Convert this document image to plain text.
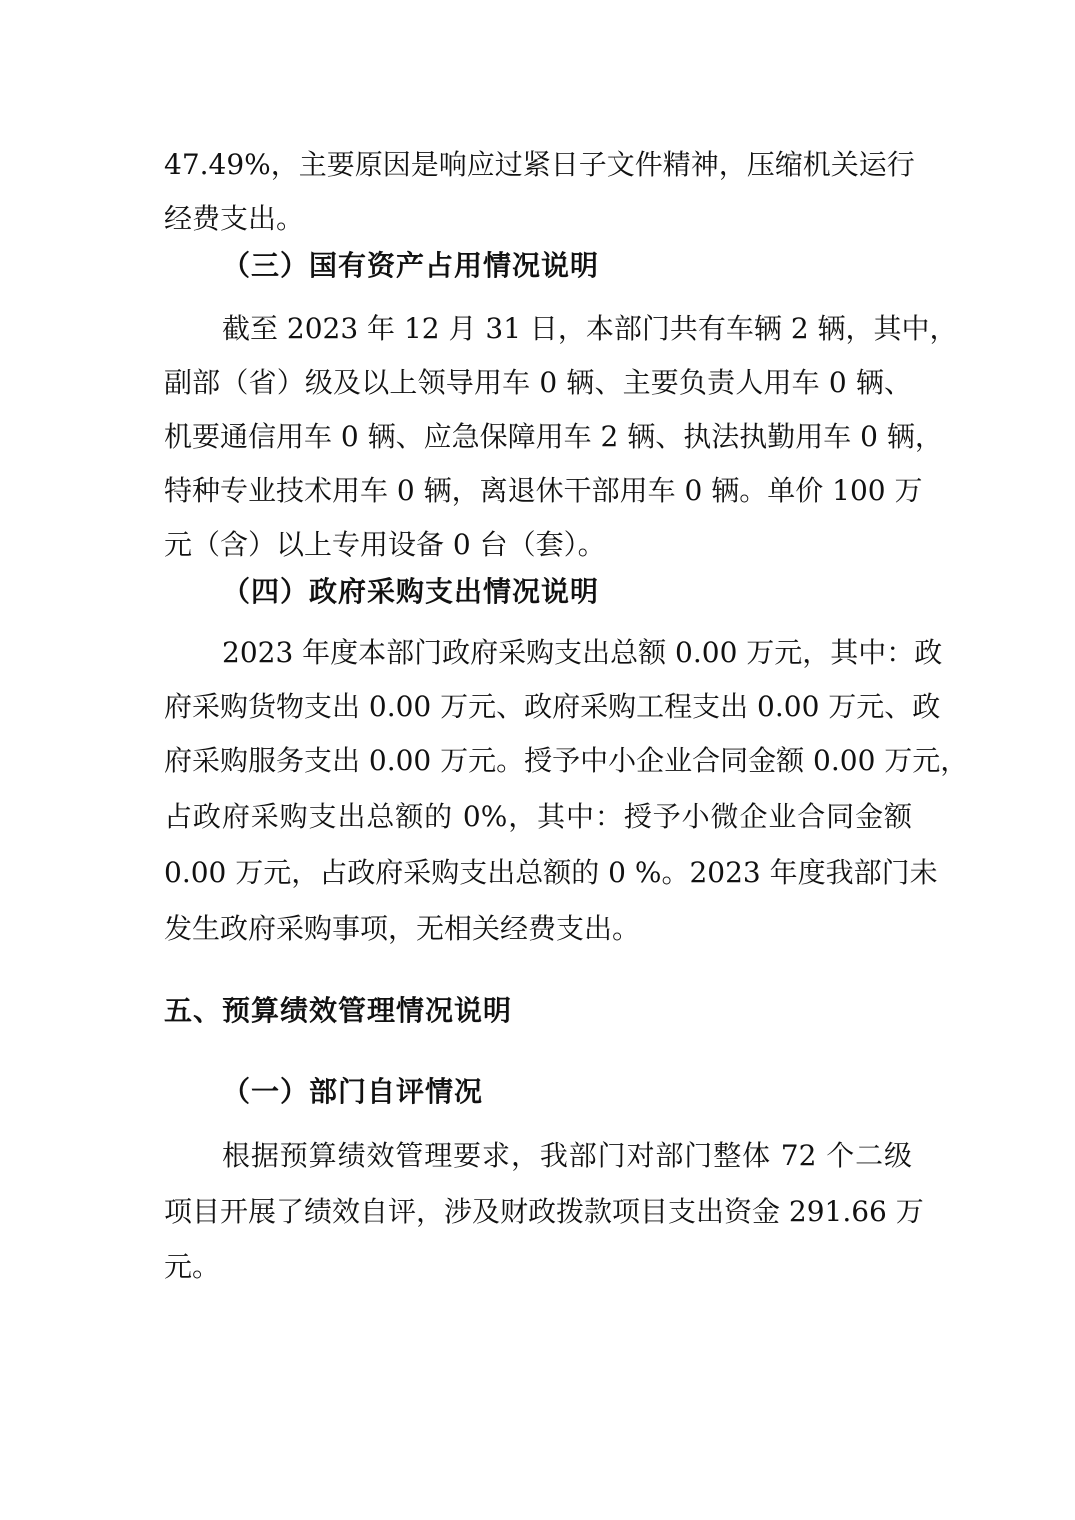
47.49%，主要原因是响应过紧日子文件精神，压缩机关运行
经费支出。
（三）国有资产占用情况说明
截至 2023 年 12 月 31 日，本部门共有车辆 2 辆，其中，
副部（省）级及以上领导用车 0 辆、主要负责人用车 0 辆、
机要通信用车 0 辆、应急保障用车 2 辆、执法执勤用车 0 辆，
特种专业技术用车 0 辆，离退休干部用车 0 辆。单价 100 万
元（含）以上专用设备 0 台（套）。
（四）政府采购支出情况说明
2023 年度本部门政府采购支出总额 0.00 万元，其中：政
府采购货物支出 0.00 万元、政府采购工程支出 0.00 万元、政
府采购服务支出 0.00 万元。授予中小企业合同金额 0.00 万元，
占政府采购支出总额的 0%，其中：授予小微企业合同金额
0.00 万元，占政府采购支出总额的 0 %。2023 年度我部门未
发生政府采购事项，无相关经费支出。
五、预算绩效管理情况说明
（一）部门自评情况
根据预算绩效管理要求，我部门对部门整体 72 个二级
项目开展了绩效自评，涉及财政拨款项目支出资金 291.66 万
元。
